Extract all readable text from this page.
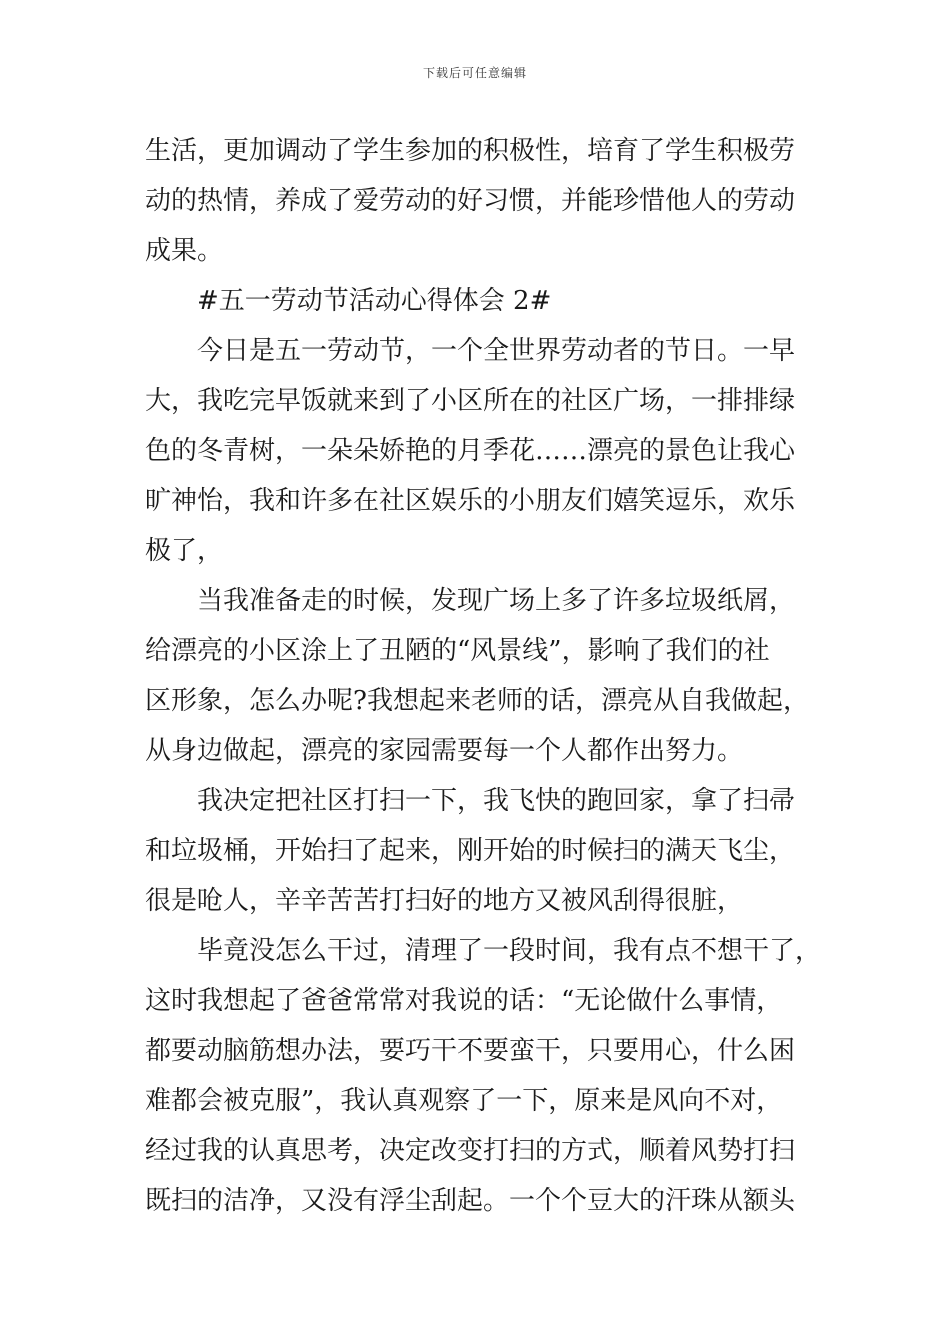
下载后可任意编辑
生活，更加调动了学生参加的积极性，培育了学生积极劳
动的热情，养成了爱劳动的好习惯，并能珍惜他人的劳动
成果。
#五一劳动节活动心得体会 2#
今日是五一劳动节，一个全世界劳动者的节日。一早
大，我吃完早饭就来到了小区所在的社区广场，一排排绿
色的冬青树，一朵朵娇艳的月季花……漂亮的景色让我心
旷神怡，我和许多在社区娱乐的小朋友们嬉笑逗乐，欢乐
极了，
当我准备走的时候，发现广场上多了许多垃圾纸屑，
给漂亮的小区涂上了丑陋的“风景线”，影响了我们的社
区形象，怎么办呢?我想起来老师的话，漂亮从自我做起，
从身边做起，漂亮的家园需要每一个人都作出努力。
我决定把社区打扫一下，我飞快的跑回家，拿了扫帚
和垃圾桶，开始扫了起来，刚开始的时候扫的满天飞尘，
很是呛人，辛辛苦苦打扫好的地方又被风刮得很脏，
毕竟没怎么干过，清理了一段时间，我有点不想干了，
这时我想起了爸爸常常对我说的话：“无论做什么事情，
都要动脑筋想办法，要巧干不要蛮干，只要用心，什么困
难都会被克服”，我认真观察了一下，原来是风向不对，
经过我的认真思考，决定改变打扫的方式，顺着风势打扫
既扫的洁净，又没有浮尘刮起。一个个豆大的汗珠从额头
